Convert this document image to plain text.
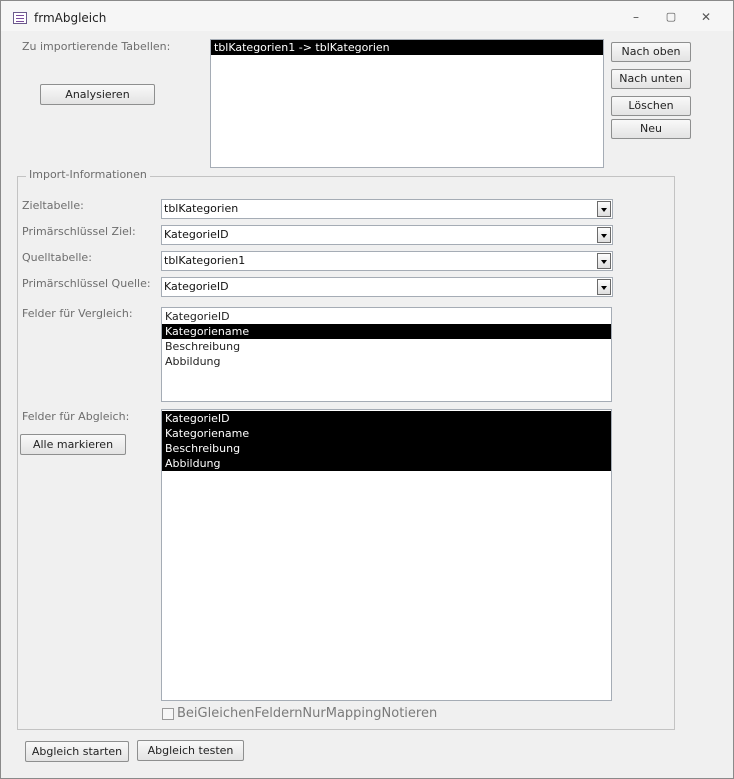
frmAbgleich	–	▢	✕
Zu importierende Tabellen:
Analysieren
tblKategorien1 -> tblKategorien	Nach oben
Nach unten
Löschen
Neu
Import-Informationen
Zieltabelle:	tblKategorien
Primärschlüssel Ziel:	KategorieID
Quelltabelle:	tblKategorien1
Primärschlüssel Quelle: KategorieID
Felder für Vergleich:	KategorieID
Kategoriename
Beschreibung
Abbildung
Felder für Abgleich:
Alle markieren
KategorieID
Kategoriename
Beschreibung
Abbildung
BeiGleichenFeldernNurMappingNotieren
Abgleich starten	Abgleich testen
